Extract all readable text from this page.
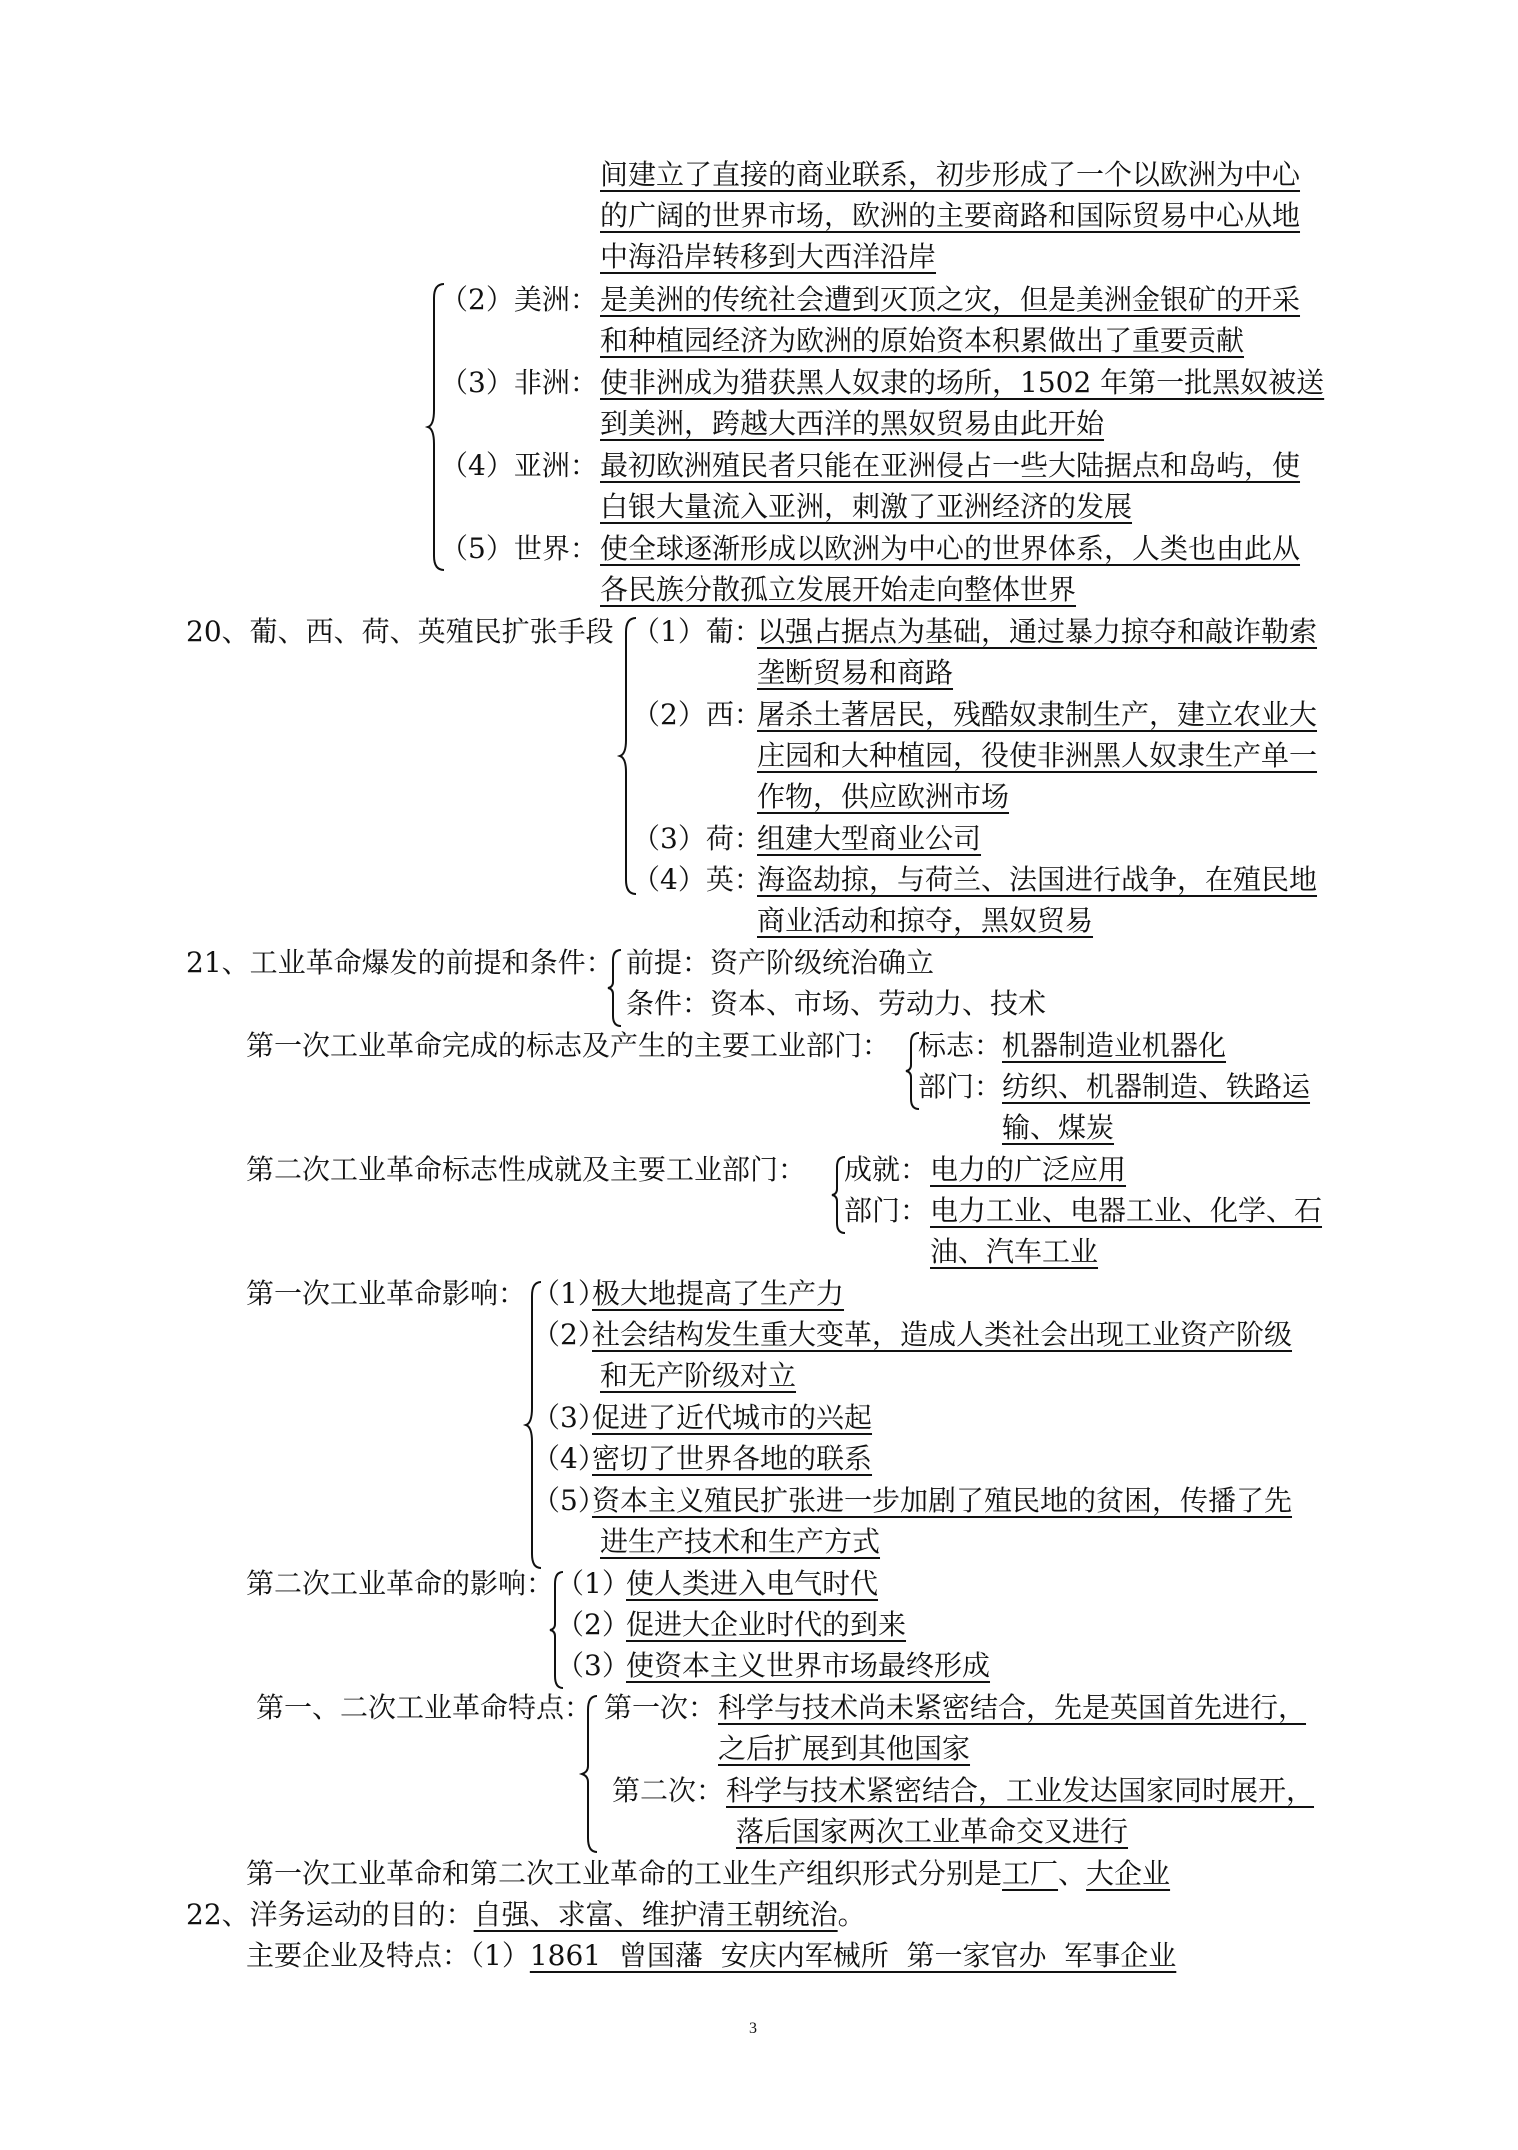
间建立了直接的商业联系，初步形成了一个以欧洲为中心
的广阔的世界市场，欧洲的主要商路和国际贸易中心从地
中海沿岸转移到大西洋沿岸
（2）美洲： 是美洲的传统社会遭到灭顶之灾，但是美洲金银矿的开采
和种植园经济为欧洲的原始资本积累做出了重要贡献
（3）非洲： 使非洲成为猎获黑人奴隶的场所，1502 年第一批黑奴被送
到美洲，跨越大西洋的黑奴贸易由此开始
（4）亚洲： 最初欧洲殖民者只能在亚洲侵占一些大陆据点和岛屿，使
白银大量流入亚洲，刺激了亚洲经济的发展
（5）世界： 使全球逐渐形成以欧洲为中心的世界体系，人类也由此从
各民族分散孤立发展开始走向整体世界
20、葡、西、荷、英殖民扩张手段 （1）葡：
以强占据点为基础，通过暴力掠夺和敲诈勒索
垄断贸易和商路
（2）西：
屠杀土著居民，残酷奴隶制生产，建立农业大
庄园和大种植园，役使非洲黑人奴隶生产单一
作物，供应欧洲市场
（3）荷：
组建大型商业公司
（4）英：
海盗劫掠，与荷兰、法国进行战争，在殖民地
商业活动和掠夺，黑奴贸易
21、工业革命爆发的前提和条件： 前提：资产阶级统治确立
条件：资本、市场、劳动力、技术
第一次工业革命完成的标志及产生的主要工业部门： 标志： 机器制造业机器化
部门： 纺织、机器制造、铁路运
输、煤炭
第二次工业革命标志性成就及主要工业部门： 成就： 电力的广泛应用
部门： 电力工业、电器工业、化学、石
油、汽车工业
第一次工业革命影响： （1）
极大地提高了生产力
（2）
社会结构发生重大变革，造成人类社会出现工业资产阶级
和无产阶级对立
（3）
促进了近代城市的兴起
（4）
密切了世界各地的联系
（5）
资本主义殖民扩张进一步加剧了殖民地的贫困，传播了先
进生产技术和生产方式
第二次工业革命的影响： （1）
使人类进入电气时代
（2）
促进大企业时代的到来
（3）
使资本主义世界市场最终形成
第一、二次工业革命特点： 第一次： 科学与技术尚未紧密结合，先是英国首先进行，
之后扩展到其他国家
第二次： 科学与技术紧密结合，工业发达国家同时展开，
落后国家两次工业革命交叉进行
第一次工业革命和第二次工业革命的工业生产组织形式分别是工厂、大企业
22、洋务运动的目的：自强、求富、维护清王朝统治。
主要企业及特点：（1）1861  曾国藩  安庆内军械所  第一家官办  军事企业
3
